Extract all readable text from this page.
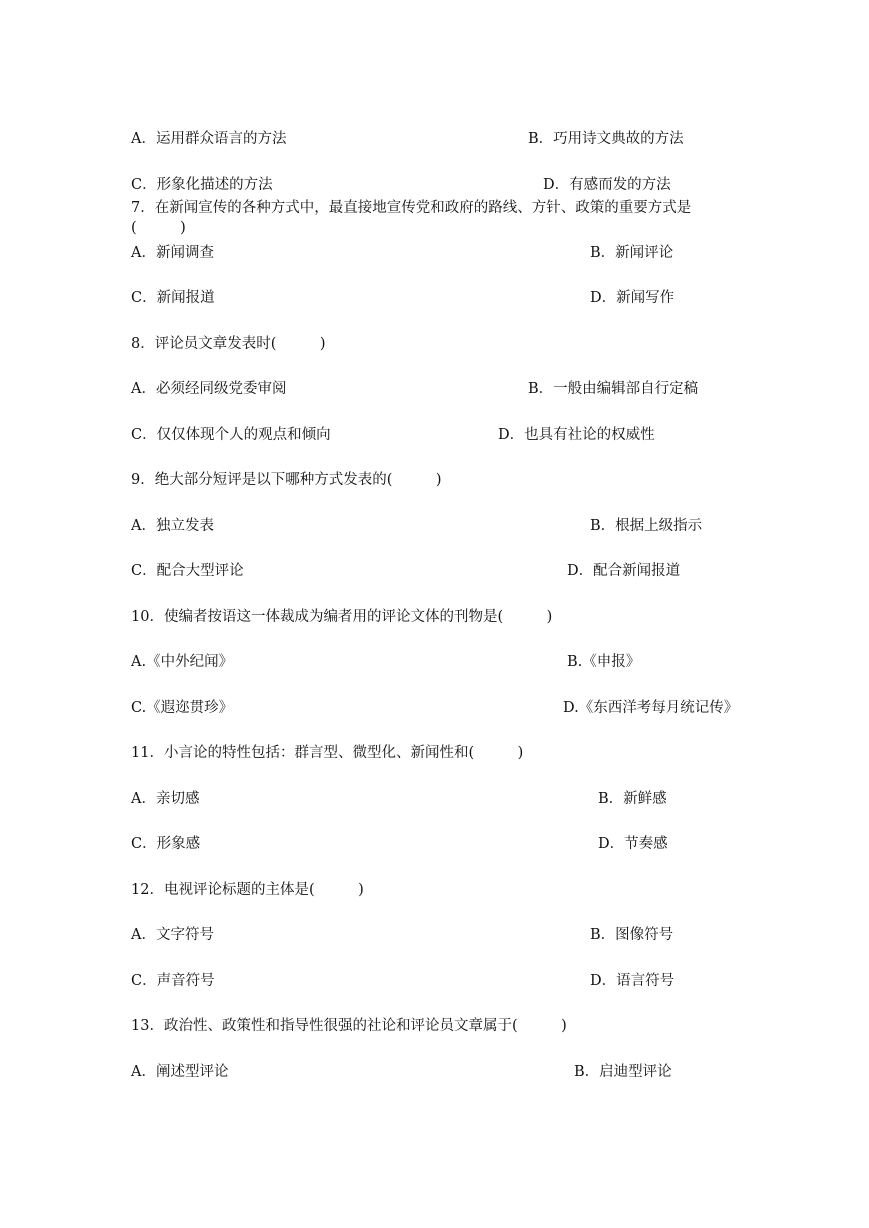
A．运用群众语言的方法	B．巧用诗文典故的方法
C．形象化描述的方法	D．有感而发的方法
7．在新闻宣传的各种方式中，最直接地宣传党和政府的路线、方针、政策的重要方式是
(　　　)
A．新闻调查	B．新闻评论
C．新闻报道	D．新闻写作
8．评论员文章发表时(　　　)
A．必须经同级党委审阅	B．一般由编辑部自行定稿
C．仅仅体现个人的观点和倾向	D．也具有社论的权威性
9．绝大部分短评是以下哪种方式发表的(　　　)
A．独立发表	B．根据上级指示
C．配合大型评论	D．配合新闻报道
10．使编者按语这一体裁成为编者用的评论文体的刊物是(　　　)
A.《中外纪闻》	B.《申报》
C.《遐迩贯珍》	D.《东西洋考每月统记传》
11．小言论的特性包括：群言型、微型化、新闻性和(　　　)
A．亲切感	B．新鲜感
C．形象感	D．节奏感
12．电视评论标题的主体是(　　　)
A．文字符号	B．图像符号
C．声音符号	D．语言符号
13．政治性、政策性和指导性很强的社论和评论员文章属于(　　　)
A．阐述型评论	B．启迪型评论
